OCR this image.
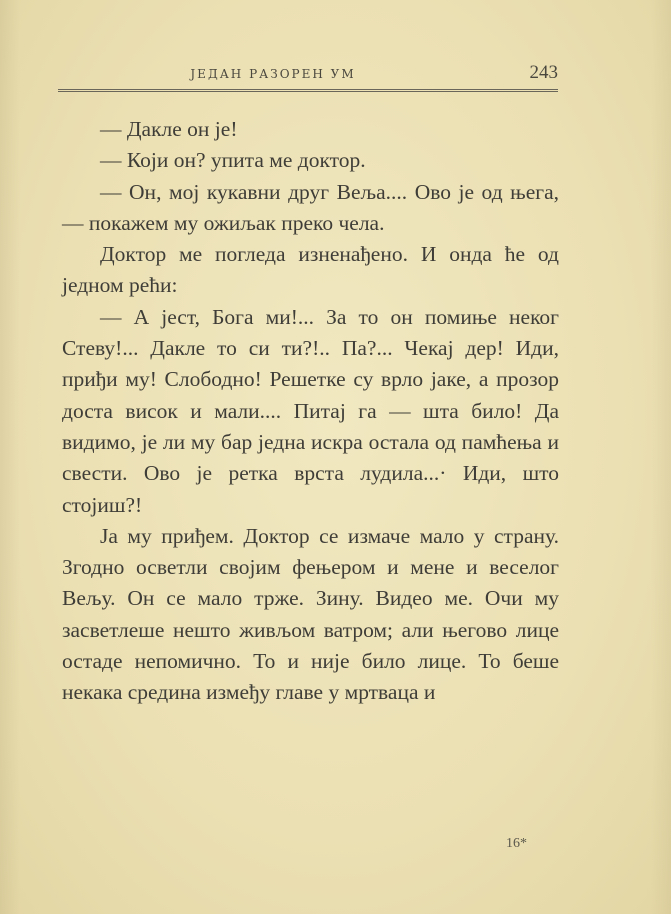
ЈЕДАН РАЗОРЕН УМ	243

— Дакле он је!

— Који он? упита ме доктор.

— Он, мој кукавни друг Веља.... Ово је од њега, — покажем му ожиљак преко чела.

Доктор ме погледа изненађено. И онда ће од једном рећи:

— А јест, Бога ми!... За то он помиње неког Стеву!... Дакле то си ти?!.. Па?... Чекај дер! Иди, приђи му! Слободно! Решетке су врло јаке, а прозор доста висок и мали.... Питај га — шта било! Да видимо, је ли му бар једна искра остала од памћења и свести. Ово је ретка врста лудила...· Иди, што стојиш?!

Ја му приђем. Доктор се измаче мало у страну. Згодно осветли својим фењером и мене и веселог Вељу. Он се мало трже. Зину. Видео ме. Очи му засветлеше нешто живљом ватром; али његово лице остаде непомично. То и није било лице. То беше некака средина између главе у мртваца и

16*
